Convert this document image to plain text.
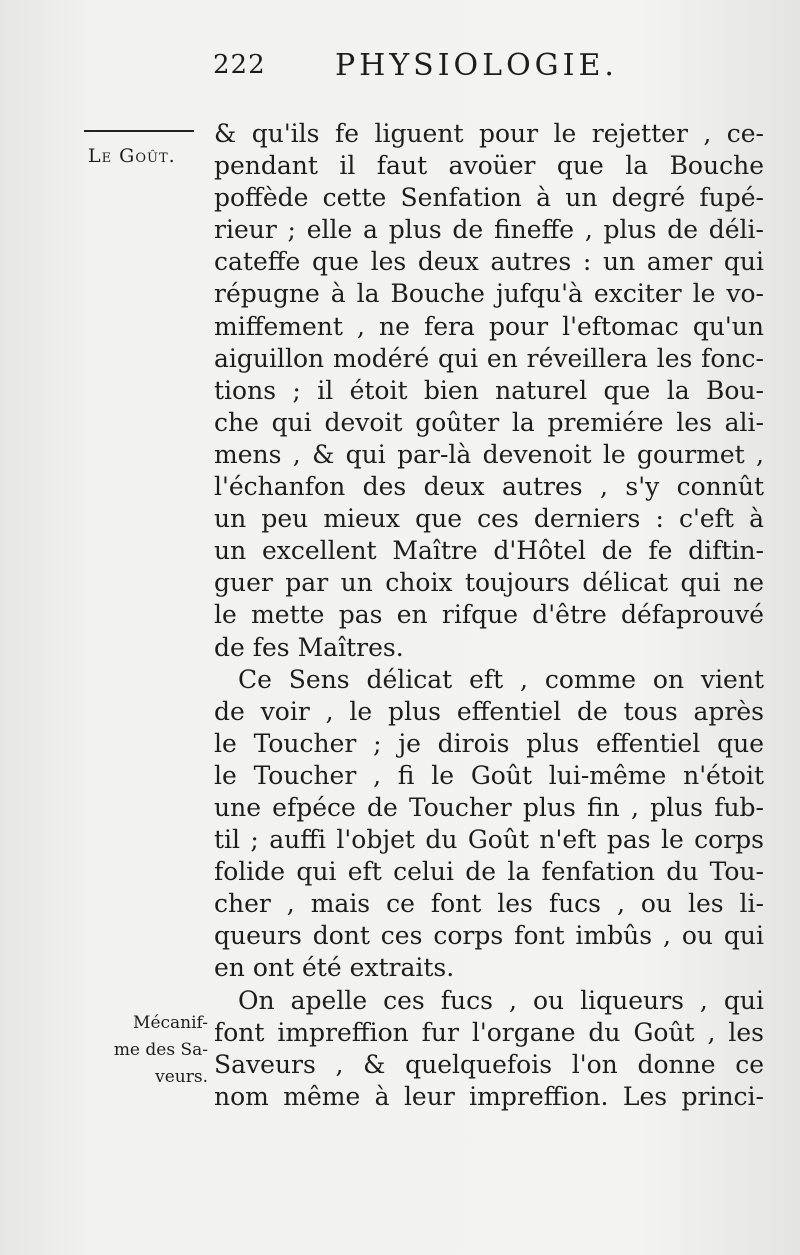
222 PHYSIOLOGIE.
Le Goût.
Mécanif-
me des Sa-
veurs.
& qu'ils fe liguent pour le rejetter , ce-
pendant il faut avoüer que la Bouche
poffède cette Senfation à un degré fupé-
rieur ; elle a plus de fineffe , plus de déli-
cateffe que les deux autres : un amer qui
répugne à la Bouche jufqu'à exciter le vo-
miffement , ne fera pour l'eftomac qu'un
aiguillon modéré qui en réveillera les fonc-
tions ; il étoit bien naturel que la Bou-
che qui devoit goûter la premiére les ali-
mens , & qui par-là devenoit le gourmet ,
l'échanfon des deux autres , s'y connût
un peu mieux que ces derniers : c'eft à
un excellent Maître d'Hôtel de fe diftin-
guer par un choix toujours délicat qui ne
le mette pas en rifque d'être défaprouvé
de fes Maîtres.
Ce Sens délicat eft , comme on vient
de voir , le plus effentiel de tous après
le Toucher ; je dirois plus effentiel que
le Toucher , fi le Goût lui-même n'étoit
une efpéce de Toucher plus fin , plus fub-
til ; auffi l'objet du Goût n'eft pas le corps
folide qui eft celui de la fenfation du Tou-
cher , mais ce font les fucs , ou les li-
queurs dont ces corps font imbûs , ou qui
en ont été extraits.
On apelle ces fucs , ou liqueurs , qui
font impreffion fur l'organe du Goût , les
Saveurs , & quelquefois l'on donne ce
nom même à leur impreffion. Les princi-
